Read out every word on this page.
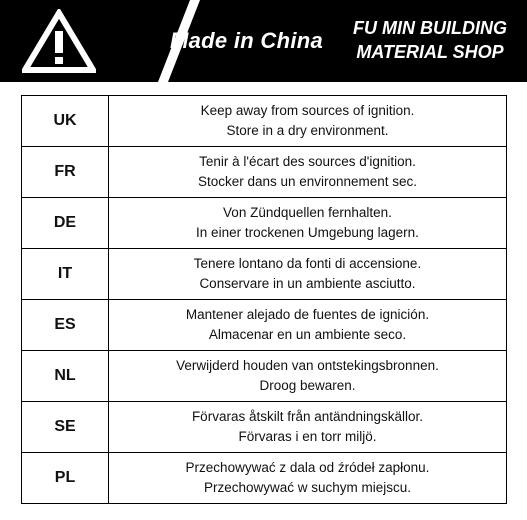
Made in China	FU MIN BUILDING
MATERIAL SHOP
UK	Keep away from sources of ignition.
Store in a dry environment.

FR	Tenir à l'écart des sources d'ignition.
Stocker dans un environnement sec.

DE	Von Zündquellen fernhalten.
In einer trockenen Umgebung lagern.

IT	Tenere lontano da fonti di accensione.
Conservare in un ambiente asciutto.

ES	Mantener alejado de fuentes de ignición.
Almacenar en un ambiente seco.

NL	Verwijderd houden van ontstekingsbronnen.
Droog bewaren.

SE	Förvaras åtskilt från antändningskällor.
Förvaras i en torr miljö.

PL	Przechowywać z dala od źródeł zapłonu.
Przechowywać w suchym miejscu.
